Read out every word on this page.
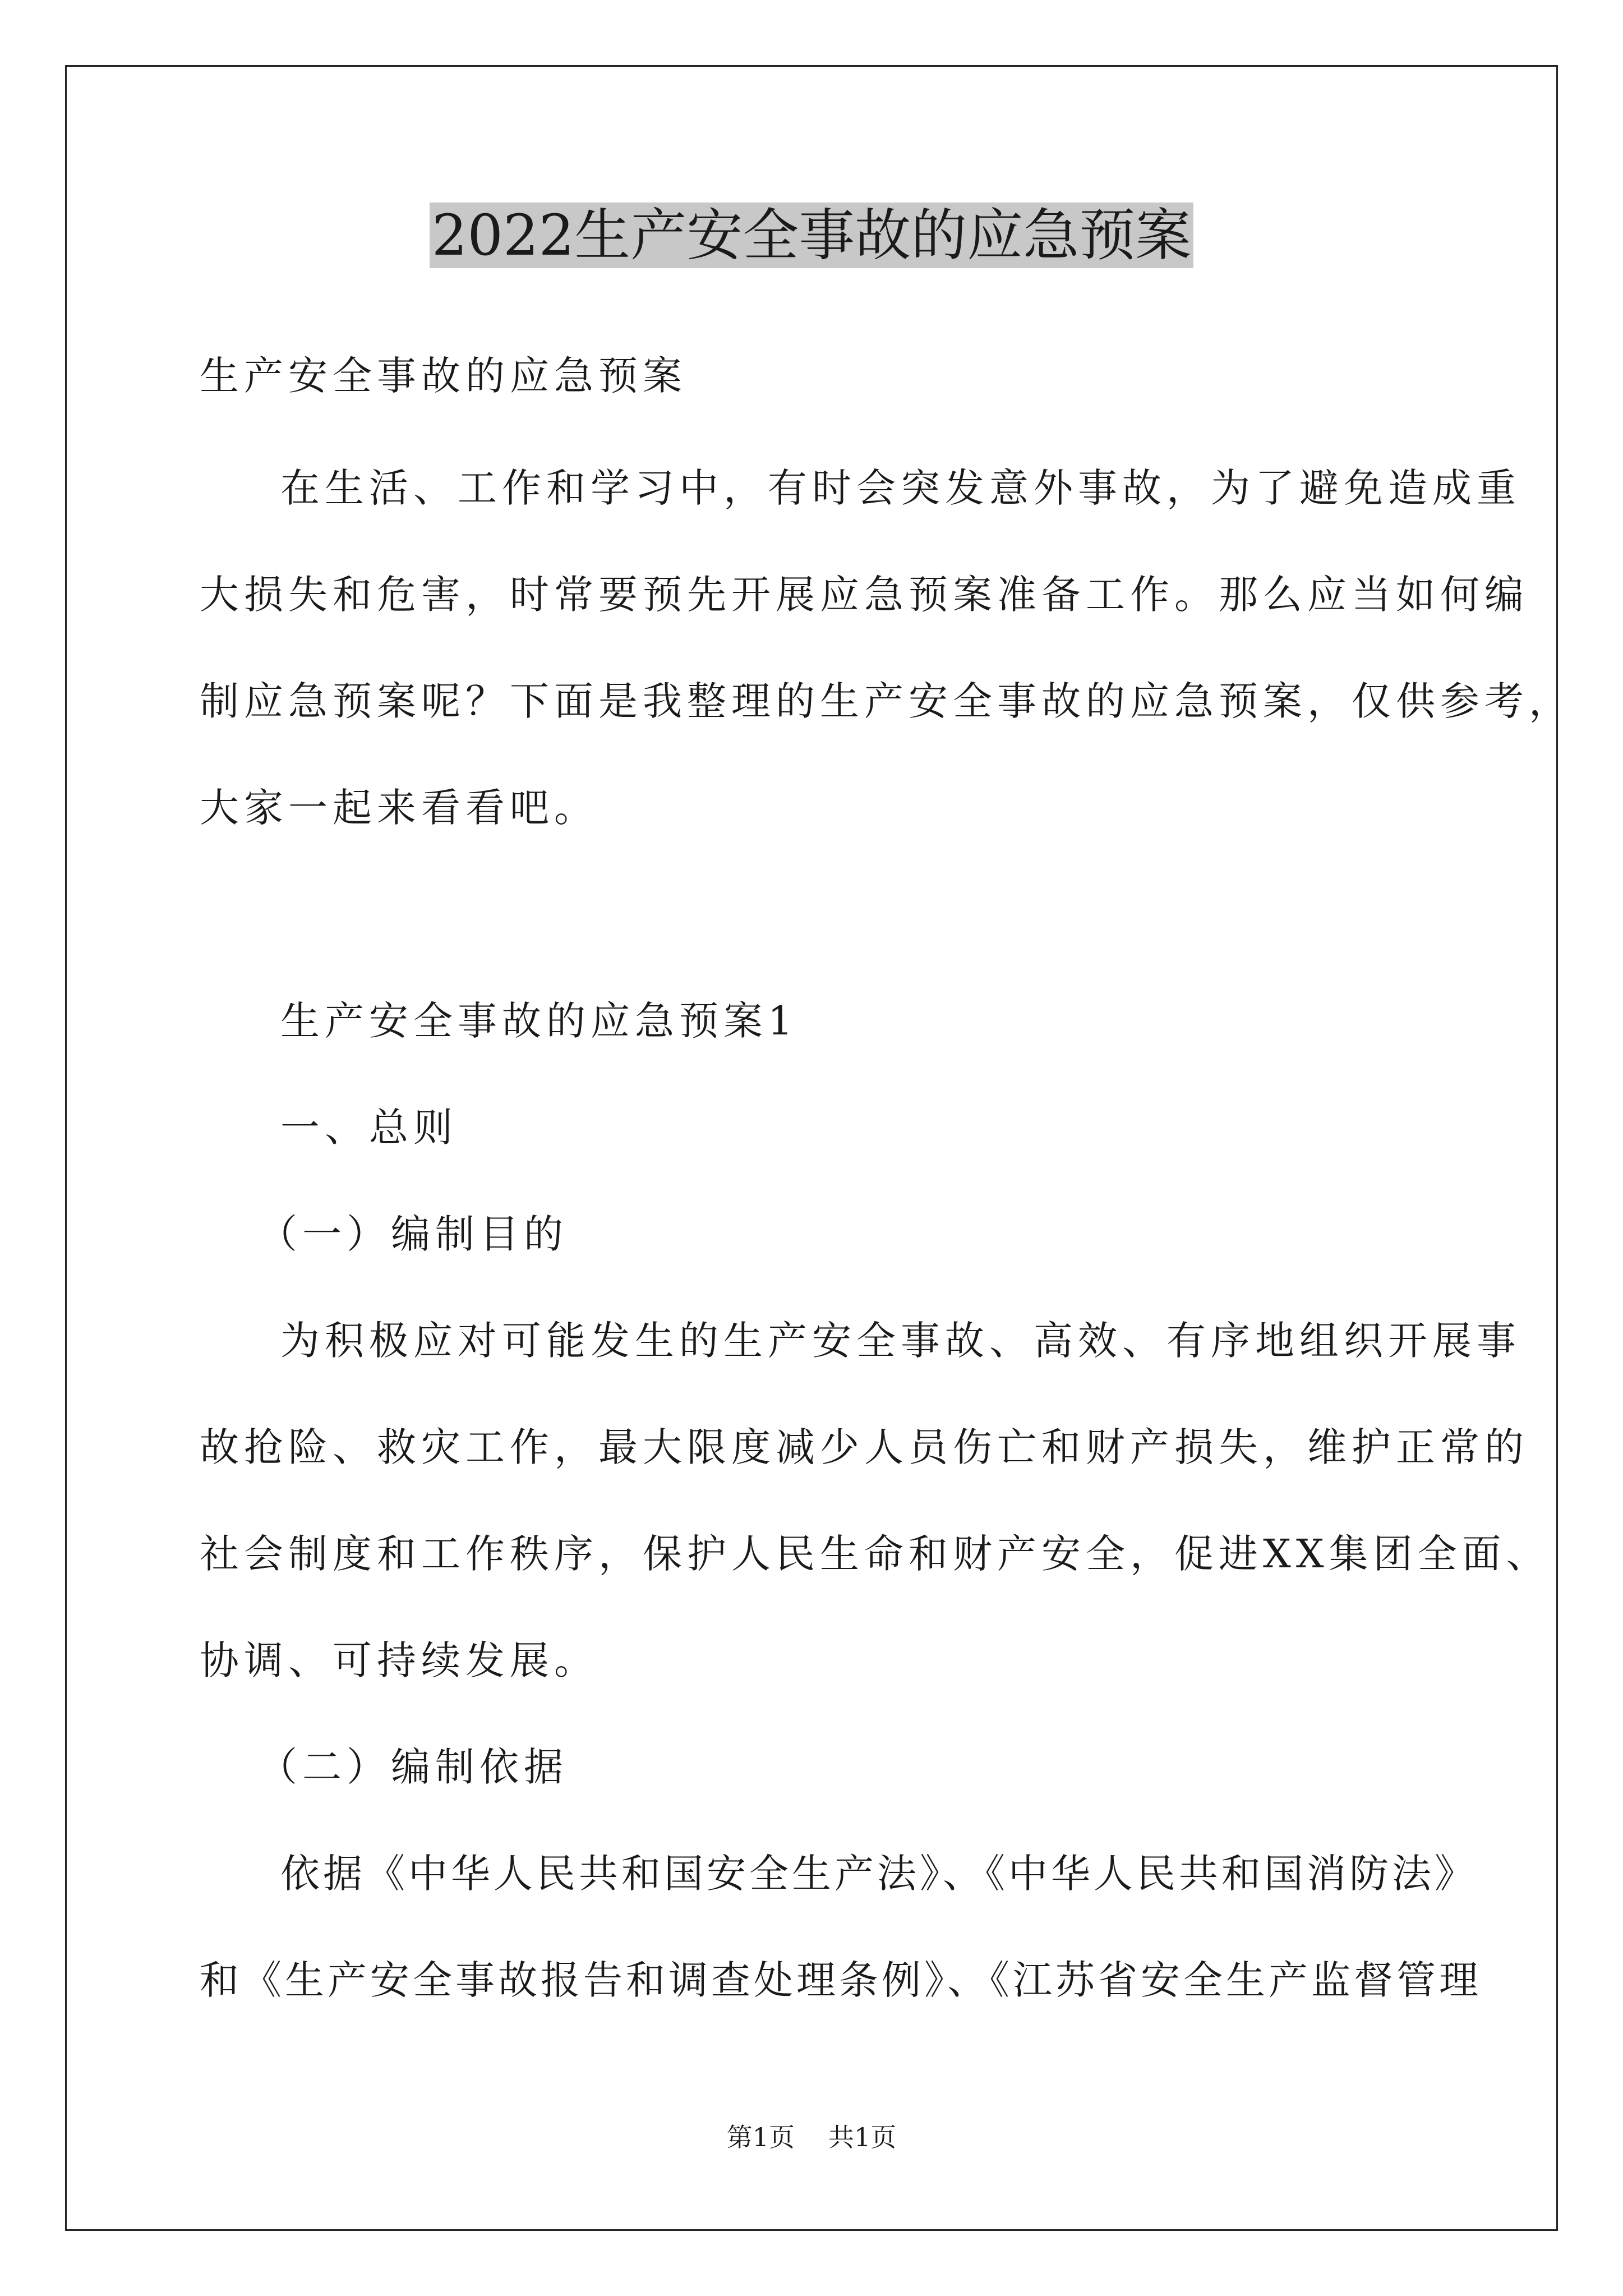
2022生产安全事故的应急预案
生产安全事故的应急预案
在生活、工作和学习中，有时会突发意外事故，为了避免造成重
大损失和危害，时常要预先开展应急预案准备工作。那么应当如何编
制应急预案呢？下面是我整理的生产安全事故的应急预案，仅供参考，
大家一起来看看吧。
生产安全事故的应急预案1
一、总则
（一）编制目的
为积极应对可能发生的生产安全事故、高效、有序地组织开展事
故抢险、救灾工作，最大限度减少人员伤亡和财产损失，维护正常的
社会制度和工作秩序，保护人民生命和财产安全，促进XX集团全面、
协调、可持续发展。
（二）编制依据
依据《中华人民共和国安全生产法》、《中华人民共和国消防法》
和《生产安全事故报告和调查处理条例》、《江苏省安全生产监督管理
第1页 共1页
